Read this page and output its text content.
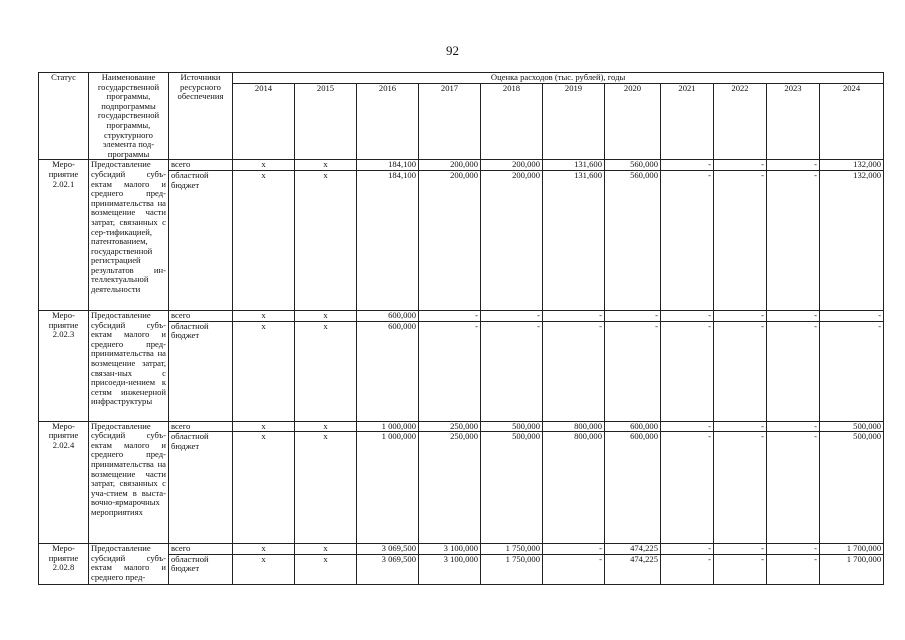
92
Статус	Наименование государственной программы, подпрограммы государственной программы, структурного элемента под-программы	Источники ресурсного обеспечения	Оценка расходов (тыс. рублей), годы										
			2014	2015	2016	2017	2018	2019	2020	2021	2022	2023	2024
Меро-приятие 2.02.1	Предоставление субсидий субъ-ектам малого и среднего пред-принимательства на возмещение части затрат, связанных с сер-тификацией, патентованием, государственной регистрацией результатов ин-теллектуальной деятельности	всего	x	x	184,100	200,000	200,000	131,600	560,000	-	-	-	132,000
		областной бюджет	x	x	184,100	200,000	200,000	131,600	560,000	-	-	-	132,000
Меро-приятие 2.02.3	Предоставление субсидий субъ-ектам малого и среднего пред-принимательства на возмещение затрат, связан-ных с присоеди-нением к сетям инженерной инфраструктуры	всего	x	x	600,000	-	-	-	-	-	-	-	-
		областной бюджет	x	x	600,000	-	-	-	-	-	-	-	-
Меро-приятие 2.02.4	Предоставление субсидий субъ-ектам малого и среднего пред-принимательства на возмещение части затрат, связанных с уча-стием в выста-вочно-ярмарочных мероприятиях	всего	x	x	1 000,000	250,000	500,000	800,000	600,000	-	-	-	500,000
		областной бюджет	x	x	1 000,000	250,000	500,000	800,000	600,000	-	-	-	500,000
Меро-приятие 2.02.8	Предоставление субсидий субъ-ектам малого и среднего пред-	всего	x	x	3 069,500	3 100,000	1 750,000	-	474,225	-	-	-	1 700,000
		областной бюджет	x	x	3 069,500	3 100,000	1 750,000	-	474,225	-	-	-	1 700,000
